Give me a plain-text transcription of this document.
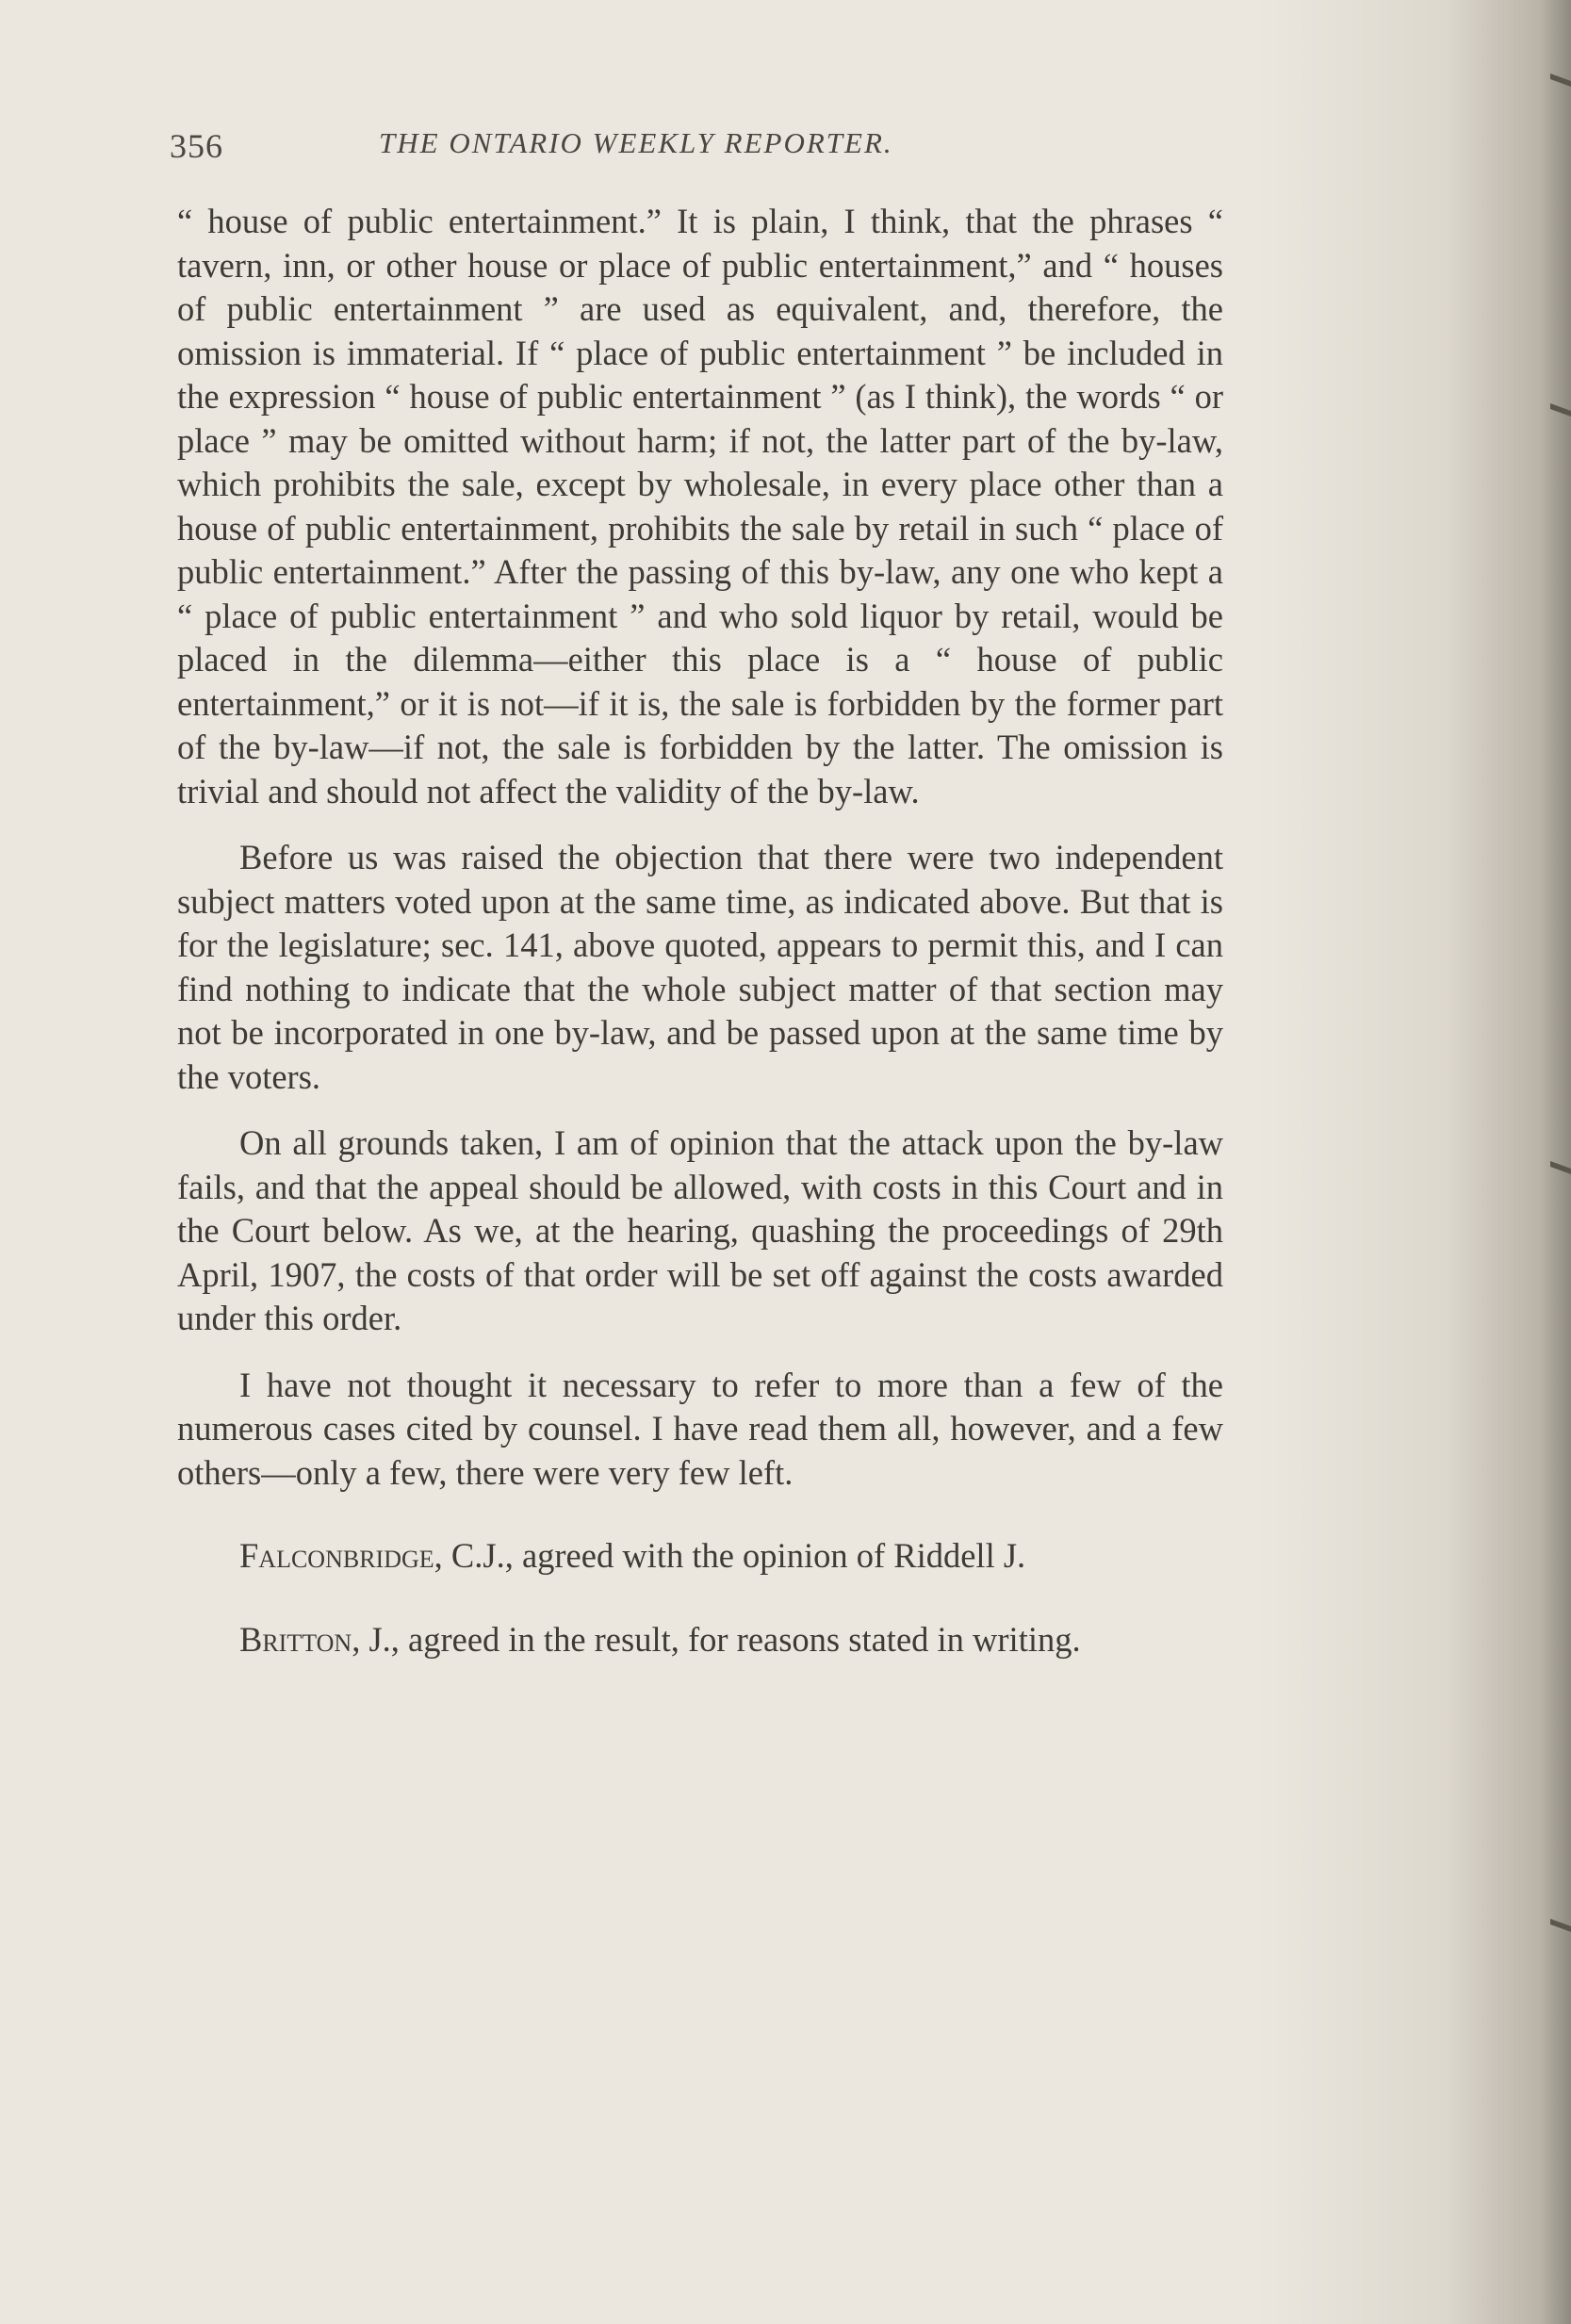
356	THE ONTARIO WEEKLY REPORTER.

“ house of public entertainment.” It is plain, I think, that the phrases “ tavern, inn, or other house or place of public entertainment,” and “ houses of public entertainment ” are used as equivalent, and, therefore, the omission is immaterial. If “ place of public entertainment ” be included in the expression “ house of public entertainment ” (as I think), the words “ or place ” may be omitted without harm; if not, the latter part of the by-law, which prohibits the sale, except by wholesale, in every place other than a house of public entertainment, prohibits the sale by retail in such “ place of public entertainment.” After the passing of this by-law, any one who kept a “ place of public entertainment ” and who sold liquor by retail, would be placed in the dilemma—either this place is a “ house of public entertainment,” or it is not—if it is, the sale is forbidden by the former part of the by-law—if not, the sale is forbidden by the latter. The omission is trivial and should not affect the validity of the by-law.

Before us was raised the objection that there were two independent subject matters voted upon at the same time, as indicated above. But that is for the legislature; sec. 141, above quoted, appears to permit this, and I can find nothing to indicate that the whole subject matter of that section may not be incorporated in one by-law, and be passed upon at the same time by the voters.

On all grounds taken, I am of opinion that the attack upon the by-law fails, and that the appeal should be allowed, with costs in this Court and in the Court below. As we, at the hearing, quashing the proceedings of 29th April, 1907, the costs of that order will be set off against the costs awarded under this order.

I have not thought it necessary to refer to more than a few of the numerous cases cited by counsel. I have read them all, however, and a few others—only a few, there were very few left.

Falconbridge, C.J., agreed with the opinion of Riddell J.

Britton, J., agreed in the result, for reasons stated in writing.
